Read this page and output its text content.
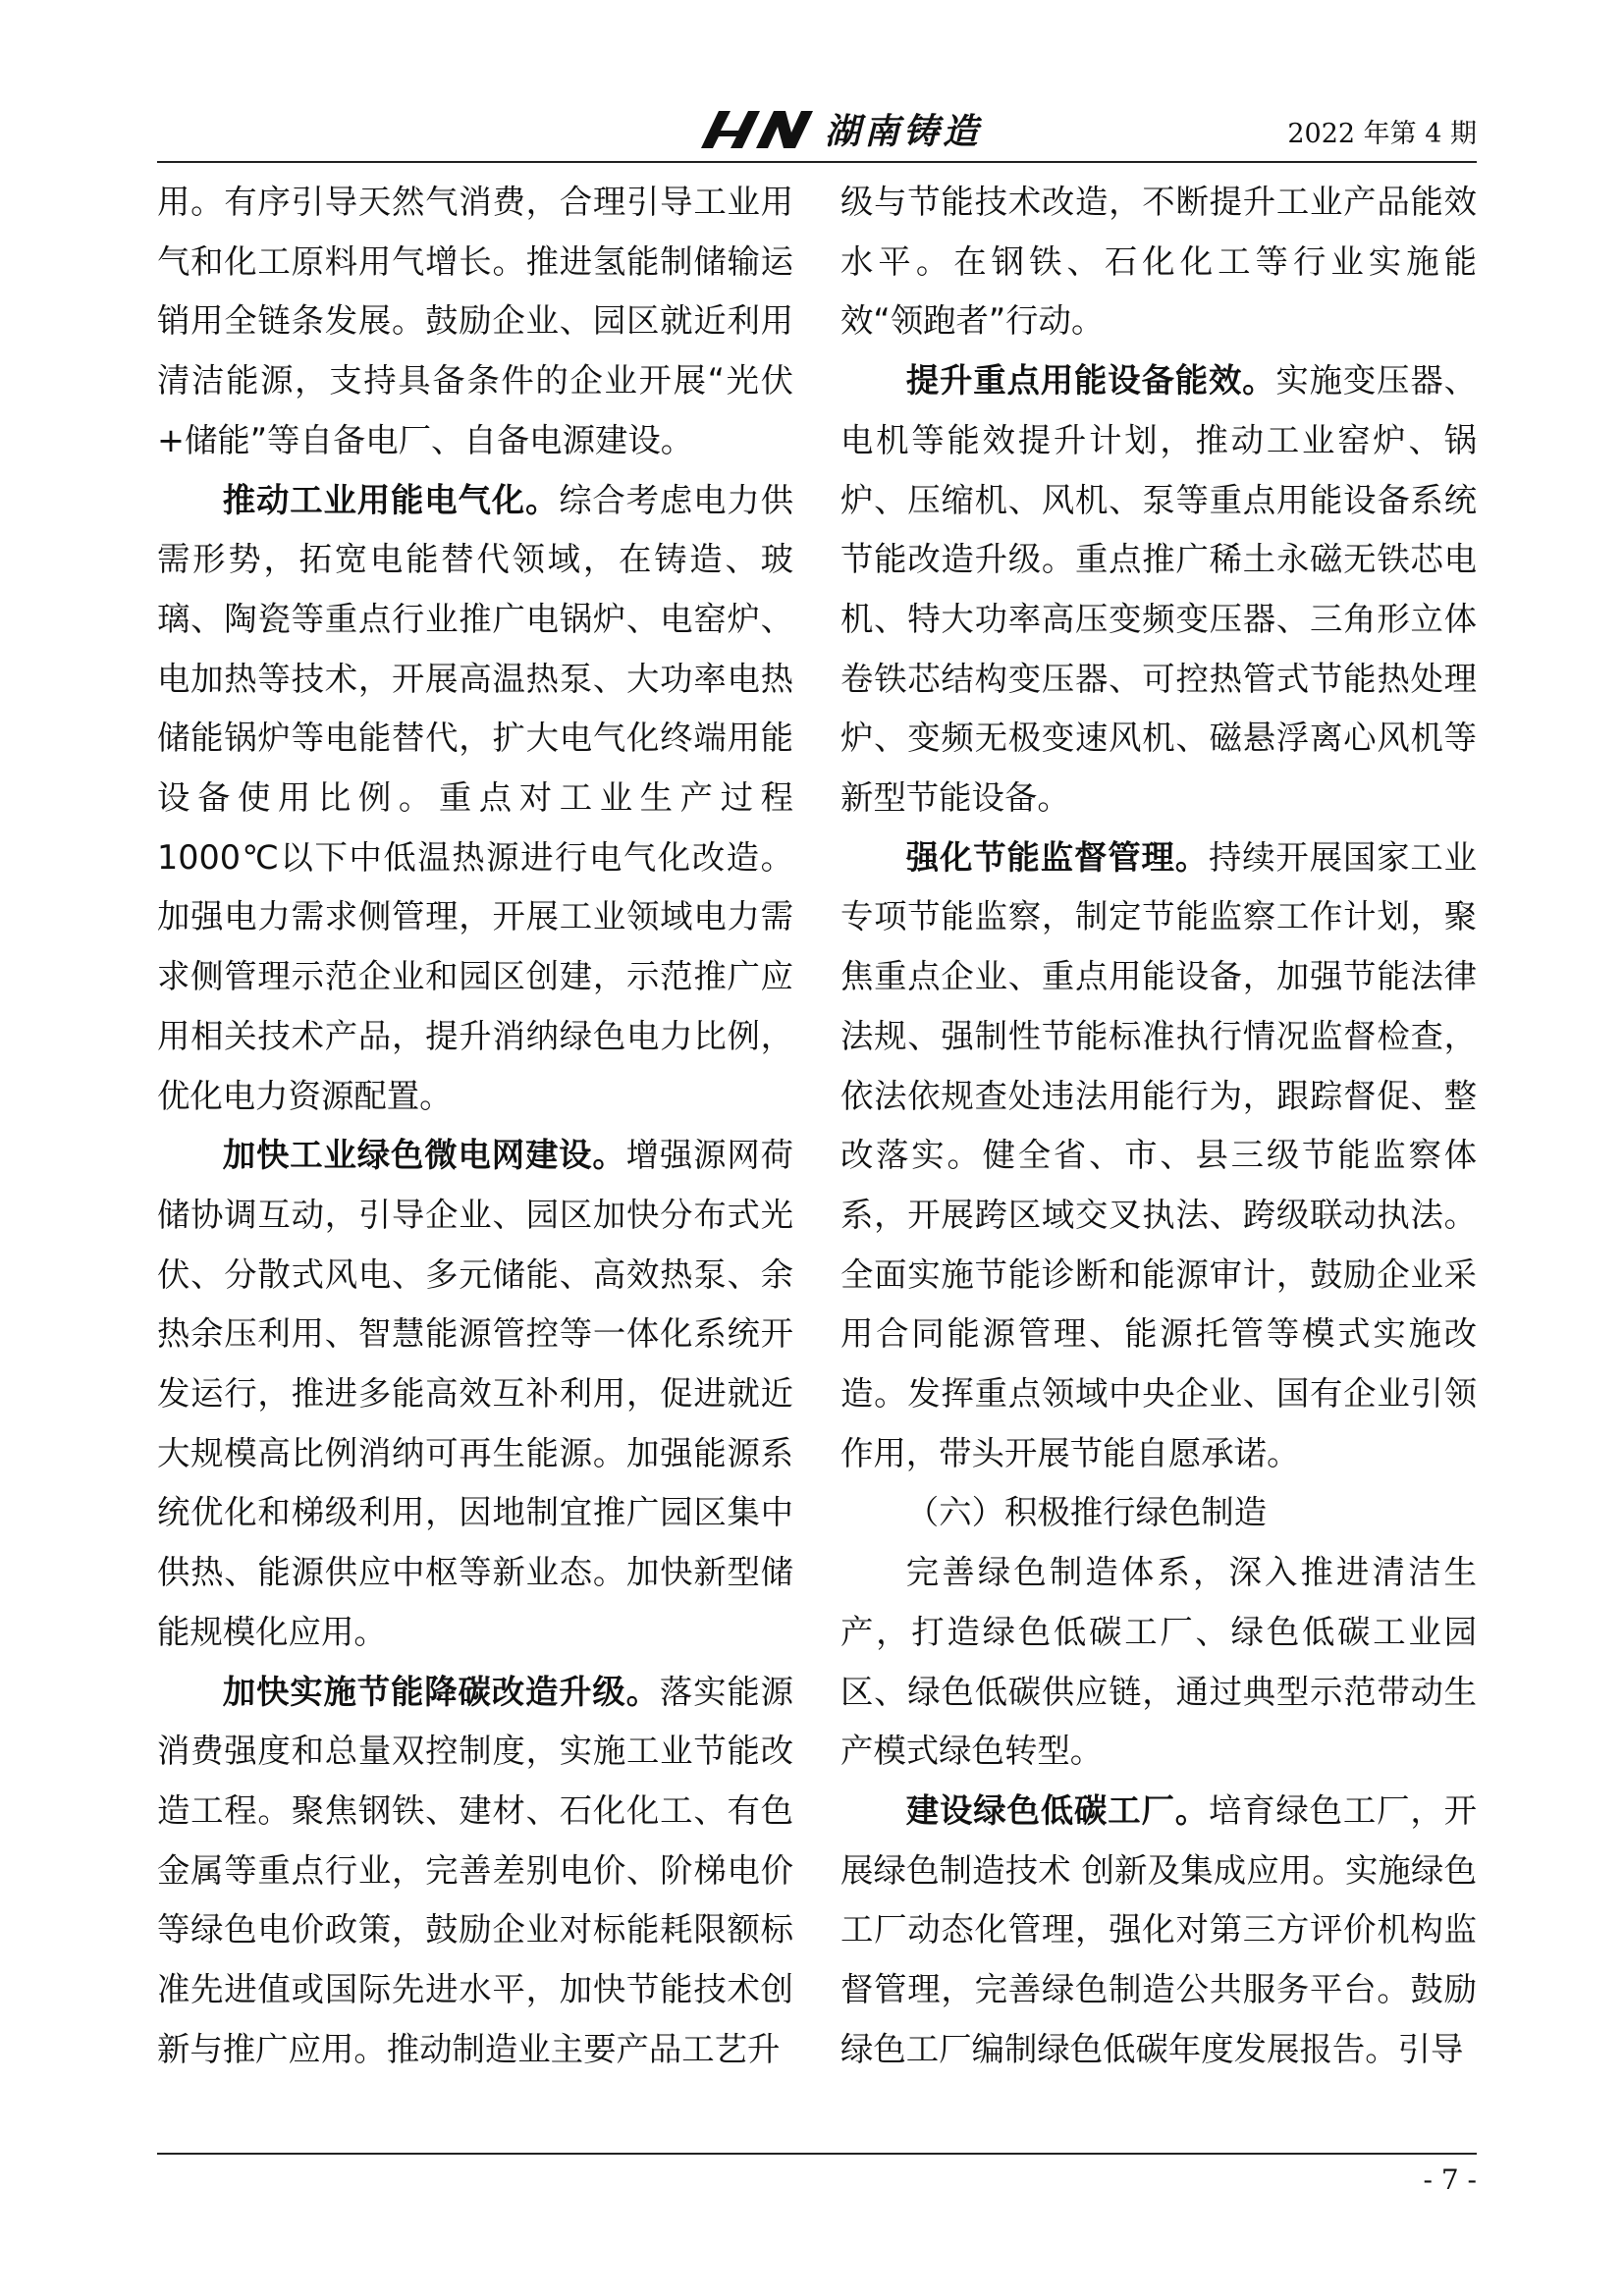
湖南铸造	2022 年第 4 期

用。有序引导天然气消费，合理引导工业用气和化工原料用气增长。推进氢能制储输运销用全链条发展。鼓励企业、园区就近利用清洁能源，支持具备条件的企业开展“光伏+储能”等自备电厂、自备电源建设。

推动工业用能电气化。综合考虑电力供需形势，拓宽电能替代领域，在铸造、玻璃、陶瓷等重点行业推广电锅炉、电窑炉、电加热等技术，开展高温热泵、大功率电热储能锅炉等电能替代，扩大电气化终端用能设备使用比例。重点对工业生产过程 1000℃以下中低温热源进行电气化改造。加强电力需求侧管理，开展工业领域电力需求侧管理示范企业和园区创建，示范推广应用相关技术产品，提升消纳绿色电力比例，优化电力资源配置。

加快工业绿色微电网建设。增强源网荷储协调互动，引导企业、园区加快分布式光伏、分散式风电、多元储能、高效热泵、余热余压利用、智慧能源管控等一体化系统开发运行，推进多能高效互补利用，促进就近大规模高比例消纳可再生能源。加强能源系统优化和梯级利用，因地制宜推广园区集中供热、能源供应中枢等新业态。加快新型储能规模化应用。

加快实施节能降碳改造升级。落实能源消费强度和总量双控制度，实施工业节能改造工程。聚焦钢铁、建材、石化化工、有色金属等重点行业，完善差别电价、阶梯电价等绿色电价政策，鼓励企业对标能耗限额标准先进值或国际先进水平，加快节能技术创新与推广应用。推动制造业主要产品工艺升

级与节能技术改造，不断提升工业产品能效水平。在钢铁、石化化工等行业实施能效“领跑者”行动。

提升重点用能设备能效。实施变压器、电机等能效提升计划，推动工业窑炉、锅炉、压缩机、风机、泵等重点用能设备系统节能改造升级。重点推广稀土永磁无铁芯电机、特大功率高压变频变压器、三角形立体卷铁芯结构变压器、可控热管式节能热处理炉、变频无极变速风机、磁悬浮离心风机等新型节能设备。

强化节能监督管理。持续开展国家工业专项节能监察，制定节能监察工作计划，聚焦重点企业、重点用能设备，加强节能法律法规、强制性节能标准执行情况监督检查，依法依规查处违法用能行为，跟踪督促、整改落实。健全省、市、县三级节能监察体系，开展跨区域交叉执法、跨级联动执法。全面实施节能诊断和能源审计，鼓励企业采用合同能源管理、能源托管等模式实施改造。发挥重点领域中央企业、国有企业引领作用，带头开展节能自愿承诺。

（六）积极推行绿色制造

完善绿色制造体系，深入推进清洁生产，打造绿色低碳工厂、绿色低碳工业园区、绿色低碳供应链，通过典型示范带动生产模式绿色转型。

建设绿色低碳工厂。培育绿色工厂，开展绿色制造技术 创新及集成应用。实施绿色工厂动态化管理，强化对第三方评价机构监督管理，完善绿色制造公共服务平台。鼓励绿色工厂编制绿色低碳年度发展报告。引导

- 7 -
